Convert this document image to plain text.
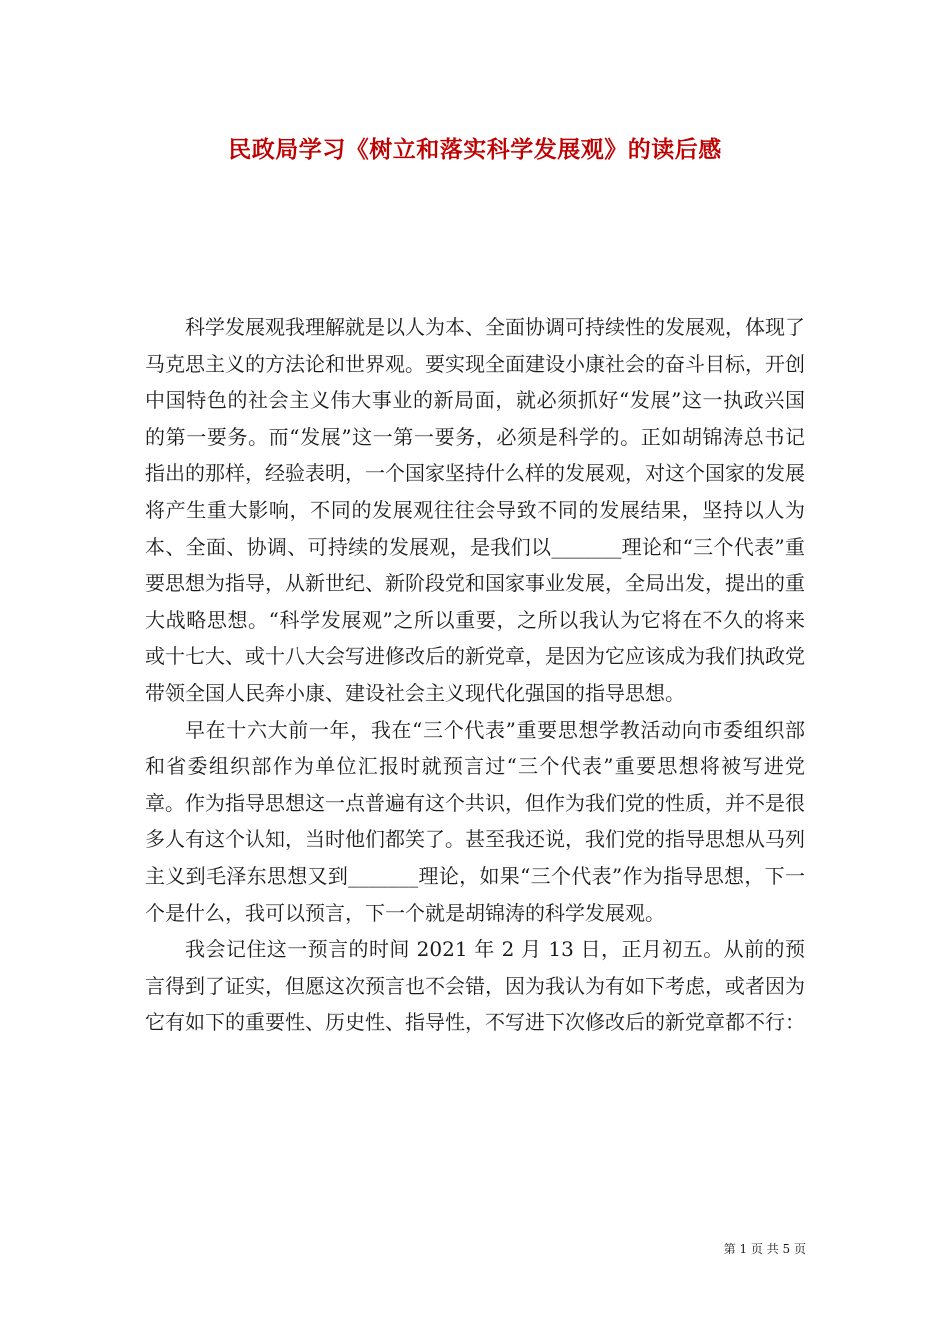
民政局学习《树立和落实科学发展观》的读后感

科学发展观我理解就是以人为本、全面协调可持续性的发展观，体现了马克思主义的方法论和世界观。要实现全面建设小康社会的奋斗目标，开创中国特色的社会主义伟大事业的新局面，就必须抓好“发展”这一执政兴国的第一要务。而“发展”这一第一要务，必须是科学的。正如胡锦涛总书记指出的那样，经验表明，一个国家坚持什么样的发展观，对这个国家的发展将产生重大影响，不同的发展观往往会导致不同的发展结果，坚持以人为本、全面、协调、可持续的发展观，是我们以_______理论和“三个代表”重要思想为指导，从新世纪、新阶段党和国家事业发展，全局出发，提出的重大战略思想。“科学发展观”之所以重要，之所以我认为它将在不久的将来或十七大、或十八大会写进修改后的新党章，是因为它应该成为我们执政党带领全国人民奔小康、建设社会主义现代化强国的指导思想。

早在十六大前一年，我在“三个代表”重要思想学教活动向市委组织部和省委组织部作为单位汇报时就预言过“三个代表”重要思想将被写进党章。作为指导思想这一点普遍有这个共识，但作为我们党的性质，并不是很多人有这个认知，当时他们都笑了。甚至我还说，我们党的指导思想从马列主义到毛泽东思想又到_______理论，如果“三个代表”作为指导思想，下一个是什么，我可以预言，下一个就是胡锦涛的科学发展观。

我会记住这一预言的时间 2021 年 2 月 13 日，正月初五。从前的预言得到了证实，但愿这次预言也不会错，因为我认为有如下考虑，或者因为它有如下的重要性、历史性、指导性，不写进下次修改后的新党章都不行：

第 1 页 共 5 页
